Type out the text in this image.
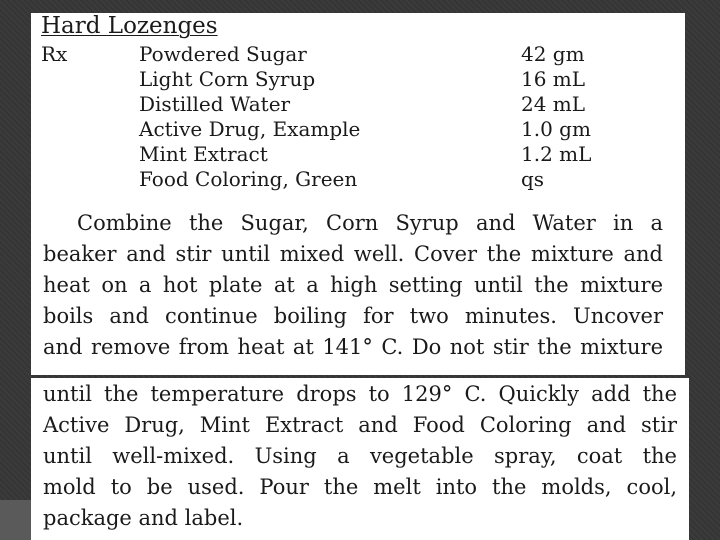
Hard Lozenges
Rx	Powdered Sugar	42 gm
Light Corn Syrup	16 mL
Distilled Water	24 mL
Active Drug, Example	1.0 gm
Mint Extract	1.2 mL
Food Coloring, Green	qs
Combine the Sugar, Corn Syrup and Water in a
beaker and stir until mixed well. Cover the mixture and
heat on a hot plate at a high setting until the mixture
boils and continue boiling for two minutes. Uncover
and remove from heat at 141° C. Do not stir the mixture
until the temperature drops to 129° C. Quickly add the
Active Drug, Mint Extract and Food Coloring and stir
until well-mixed. Using a vegetable spray, coat the
mold to be used. Pour the melt into the molds, cool,
package and label.
